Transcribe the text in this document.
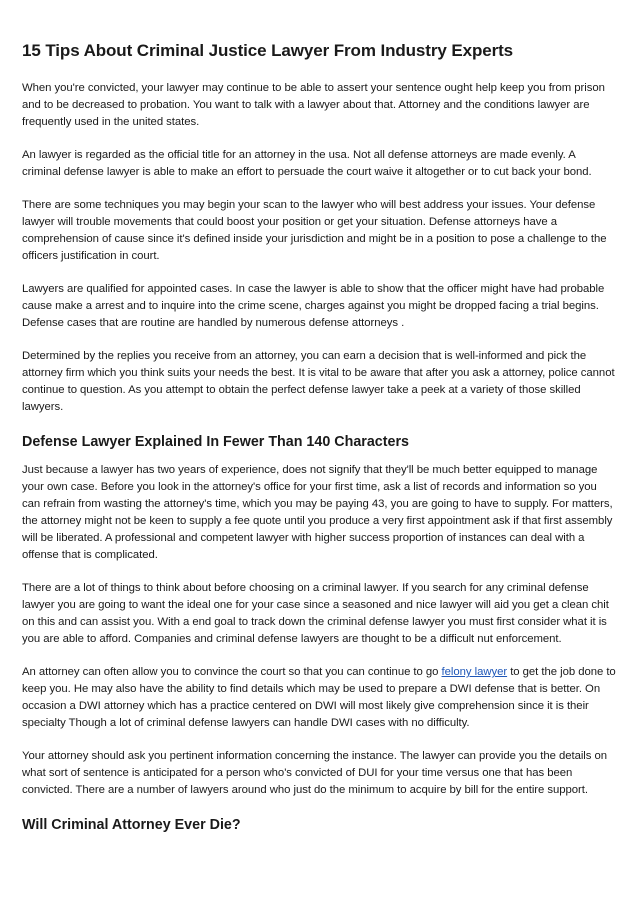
15 Tips About Criminal Justice Lawyer From Industry Experts

When you're convicted, your lawyer may continue to be able to assert your sentence ought help keep you from prison and to be decreased to probation. You want to talk with a lawyer about that. Attorney and the conditions lawyer are frequently used in the united states.

An lawyer is regarded as the official title for an attorney in the usa. Not all defense attorneys are made evenly. A criminal defense lawyer is able to make an effort to persuade the court waive it altogether or to cut back your bond.

There are some techniques you may begin your scan to the lawyer who will best address your issues. Your defense lawyer will trouble movements that could boost your position or get your situation. Defense attorneys have a comprehension of cause since it's defined inside your jurisdiction and might be in a position to pose a challenge to the officers justification in court.

Lawyers are qualified for appointed cases. In case the lawyer is able to show that the officer might have had probable cause make a arrest and to inquire into the crime scene, charges against you might be dropped facing a trial begins. Defense cases that are routine are handled by numerous defense attorneys .

Determined by the replies you receive from an attorney, you can earn a decision that is well-informed and pick the attorney firm which you think suits your needs the best. It is vital to be aware that after you ask a attorney, police cannot continue to question. As you attempt to obtain the perfect defense lawyer take a peek at a variety of those skilled lawyers.

Defense Lawyer Explained In Fewer Than 140 Characters

Just because a lawyer has two years of experience, does not signify that they'll be much better equipped to manage your own case. Before you look in the attorney's office for your first time, ask a list of records and information so you can refrain from wasting the attorney's time, which you may be paying 43, you are going to have to supply. For matters, the attorney might not be keen to supply a fee quote until you produce a very first appointment ask if that first assembly will be liberated. A professional and competent lawyer with higher success proportion of instances can deal with a offense that is complicated.

There are a lot of things to think about before choosing on a criminal lawyer. If you search for any criminal defense lawyer you are going to want the ideal one for your case since a seasoned and nice lawyer will aid you get a clean chit on this and can assist you. With a end goal to track down the criminal defense lawyer you must first consider what it is you are able to afford. Companies and criminal defense lawyers are thought to be a difficult nut enforcement.

An attorney can often allow you to convince the court so that you can continue to go felony lawyer to get the job done to keep you. He may also have the ability to find details which may be used to prepare a DWI defense that is better. On occasion a DWI attorney which has a practice centered on DWI will most likely give comprehension since it is their specialty Though a lot of criminal defense lawyers can handle DWI cases with no difficulty.

Your attorney should ask you pertinent information concerning the instance. The lawyer can provide you the details on what sort of sentence is anticipated for a person who's convicted of DUI for your time versus one that has been convicted. There are a number of lawyers around who just do the minimum to acquire by bill for the entire support.

Will Criminal Attorney Ever Die?
